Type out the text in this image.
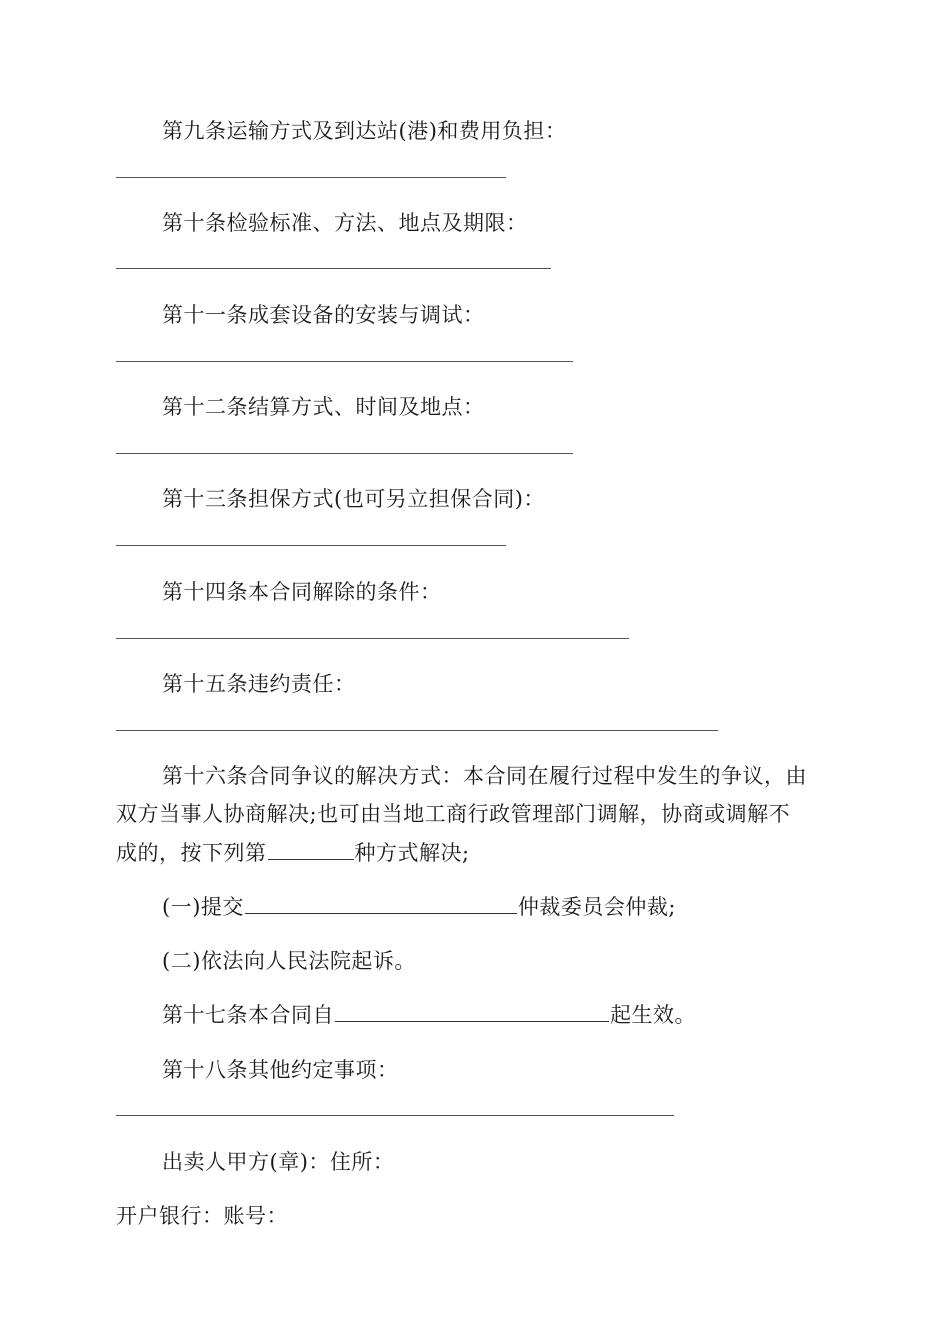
第九条运输方式及到达站(港)和费用负担：
第十条检验标准、方法、地点及期限：
第十一条成套设备的安装与调试：
第十二条结算方式、时间及地点：
第十三条担保方式(也可另立担保合同)：
第十四条本合同解除的条件：
第十五条违约责任：
第十六条合同争议的解决方式：本合同在履行过程中发生的争议，由
双方当事人协商解决;也可由当地工商行政管理部门调解，协商或调解不
成的，按下列第	种方式解决;
(一)提交	仲裁委员会仲裁;
(二)依法向人民法院起诉。
第十七条本合同自	起生效。
第十八条其他约定事项：
出卖人甲方(章)：住所：
开户银行：账号：
